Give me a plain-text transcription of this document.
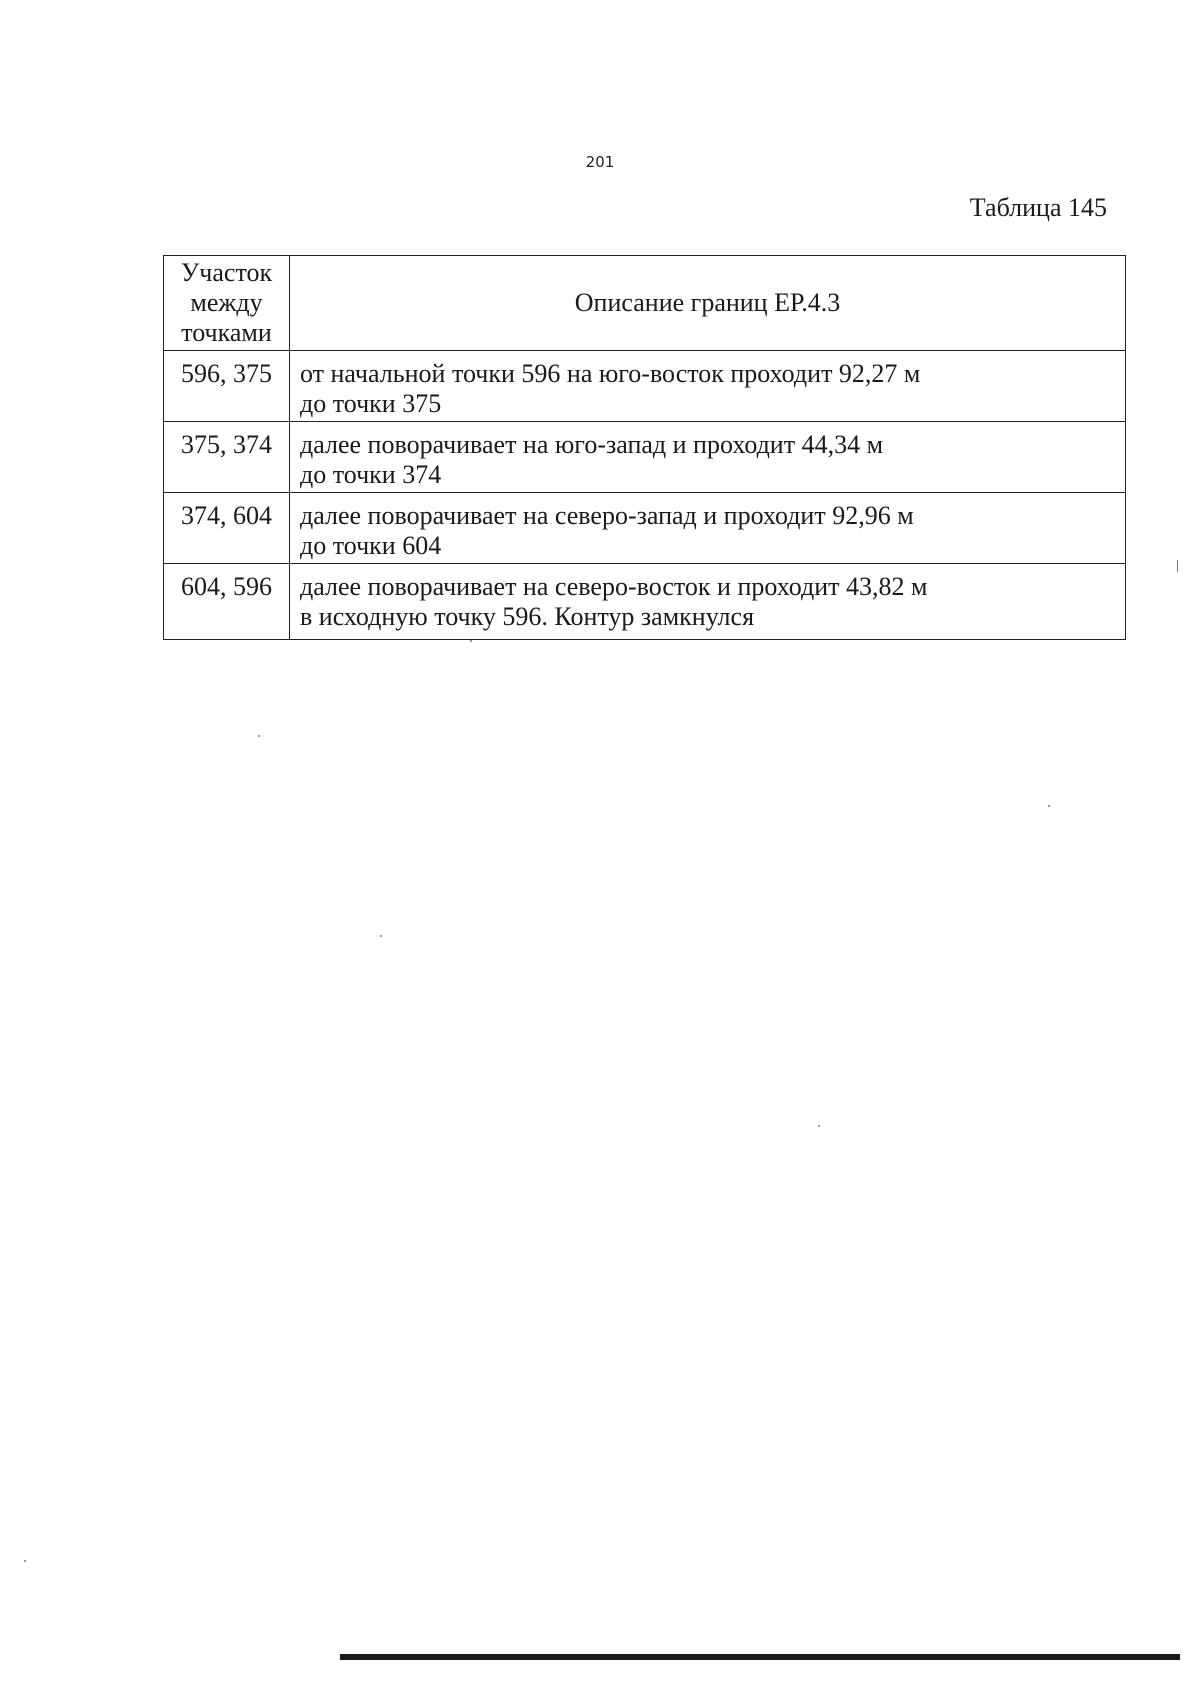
201
Таблица 145
Участок
между
точками	Описание границ ЕР.4.3
596, 375	от начальной точки 596 на юго-восток проходит 92,27 м
до точки 375

375, 374	далее поворачивает на юго-запад и проходит 44,34 м
до точки 374

374, 604	далее поворачивает на северо-запад и проходит 92,96 м
до точки 604

604, 596	далее поворачивает на северо-восток и проходит 43,82 м
в исходную точку 596. Контур замкнулся
